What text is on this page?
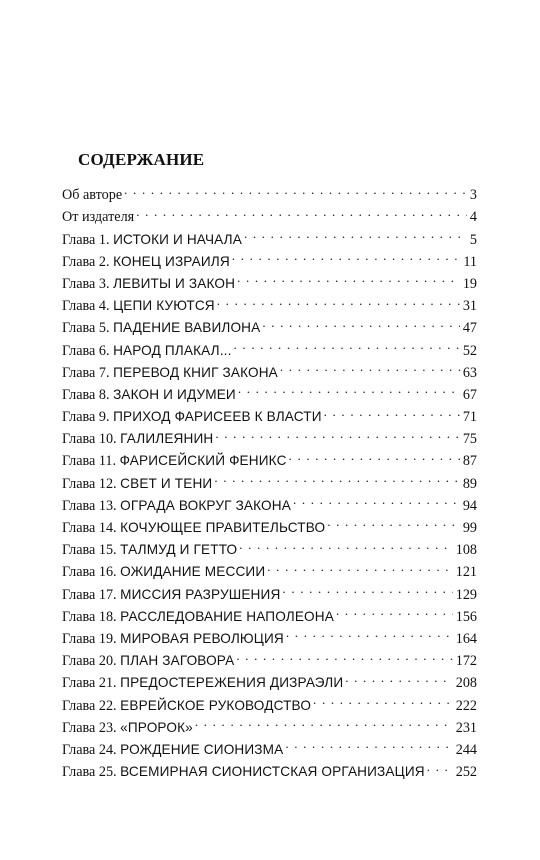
СОДЕРЖАНИЕ
Об авторе . . .	3
От издателя . . .	4
Глава 1. ИСТОКИ И НАЧАЛА . . .	5
Глава 2. КОНЕЦ ИЗРАИЛЯ . . .	11
Глава 3. ЛЕВИТЫ И ЗАКОН . . .	19
Глава 4. ЦЕПИ КУЮТСЯ . . .	31
Глава 5. ПАДЕНИЕ ВАВИЛОНА . . .	47
Глава 6. НАРОД ПЛАКАЛ... . . .	52
Глава 7. ПЕРЕВОД КНИГ ЗАКОНА . . .	63
Глава 8. ЗАКОН И ИДУМЕИ . . .	67
Глава 9. ПРИХОД ФАРИСЕЕВ К ВЛАСТИ . . .	71
Глава 10. ГАЛИЛЕЯНИН . . .	75
Глава 11. ФАРИСЕЙСКИЙ ФЕНИКС . . .	87
Глава 12. СВЕТ И ТЕНИ . . .	89
Глава 13. ОГРАДА ВОКРУГ ЗАКОНА . . .	94
Глава 14. КОЧУЮЩЕЕ ПРАВИТЕЛЬСТВО . . .	99
Глава 15. ТАЛМУД И ГЕТТО . . .	108
Глава 16. ОЖИДАНИЕ МЕССИИ . . .	121
Глава 17. МИССИЯ РАЗРУШЕНИЯ . . .	129
Глава 18. РАССЛЕДОВАНИЕ НАПОЛЕОНА . . .	156
Глава 19. МИРОВАЯ РЕВОЛЮЦИЯ . . .	164
Глава 20. ПЛАН ЗАГОВОРА . . .	172
Глава 21. ПРЕДОСТЕРЕЖЕНИЯ ДИЗРАЭЛИ . . .	208
Глава 22. ЕВРЕЙСКОЕ РУКОВОДСТВО . . .	222
Глава 23. «ПРОРОК» . . .	231
Глава 24. РОЖДЕНИЕ СИОНИЗМА . . .	244
Глава 25. ВСЕМИРНАЯ СИОНИСТСКАЯ ОРГАНИЗАЦИЯ . . . 252
